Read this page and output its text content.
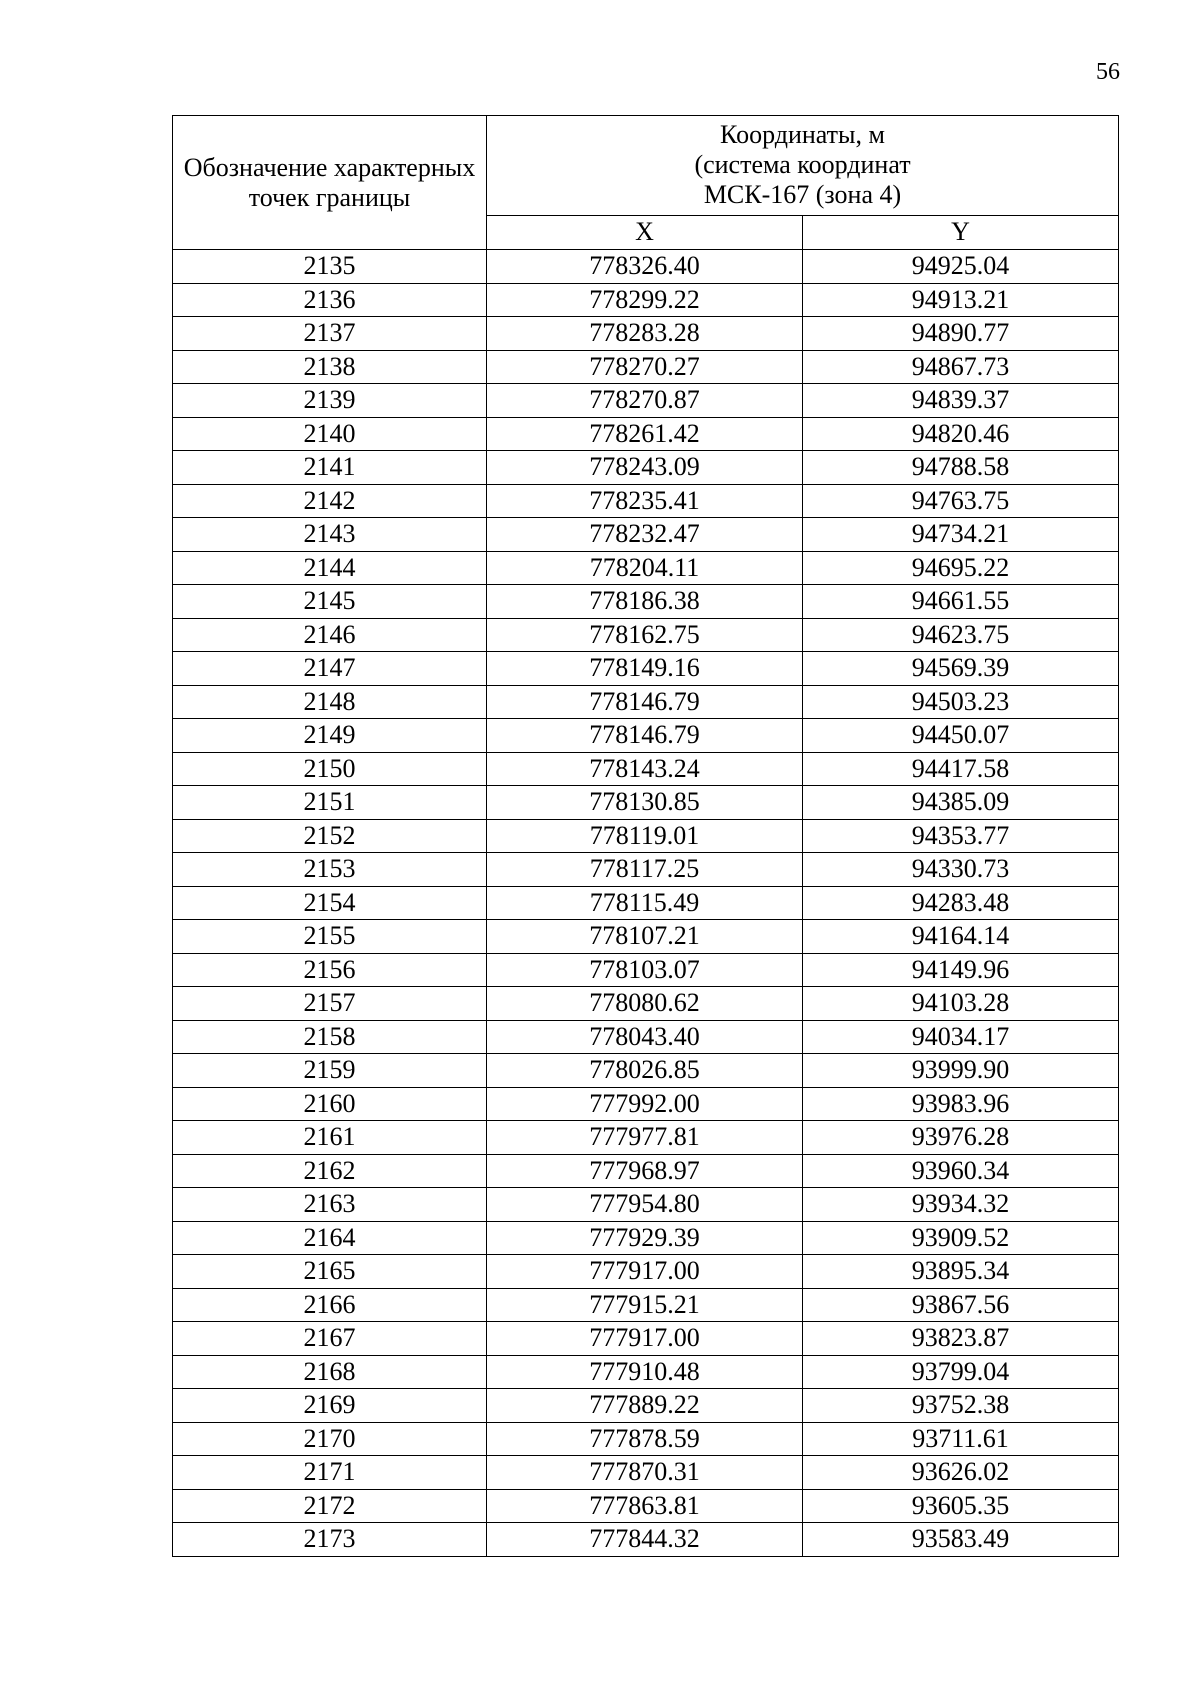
56
Обозначение характерных точек границы	Координаты, м
(система координат
МСК-167 (зона 4)	

	X	Y
2135	778326.40	94925.04
2136	778299.22	94913.21
2137	778283.28	94890.77
2138	778270.27	94867.73
2139	778270.87	94839.37
2140	778261.42	94820.46
2141	778243.09	94788.58
2142	778235.41	94763.75
2143	778232.47	94734.21
2144	778204.11	94695.22
2145	778186.38	94661.55
2146	778162.75	94623.75
2147	778149.16	94569.39
2148	778146.79	94503.23
2149	778146.79	94450.07
2150	778143.24	94417.58
2151	778130.85	94385.09
2152	778119.01	94353.77
2153	778117.25	94330.73
2154	778115.49	94283.48
2155	778107.21	94164.14
2156	778103.07	94149.96
2157	778080.62	94103.28
2158	778043.40	94034.17
2159	778026.85	93999.90
2160	777992.00	93983.96
2161	777977.81	93976.28
2162	777968.97	93960.34
2163	777954.80	93934.32
2164	777929.39	93909.52
2165	777917.00	93895.34
2166	777915.21	93867.56
2167	777917.00	93823.87
2168	777910.48	93799.04
2169	777889.22	93752.38
2170	777878.59	93711.61
2171	777870.31	93626.02
2172	777863.81	93605.35
2173	777844.32	93583.49
